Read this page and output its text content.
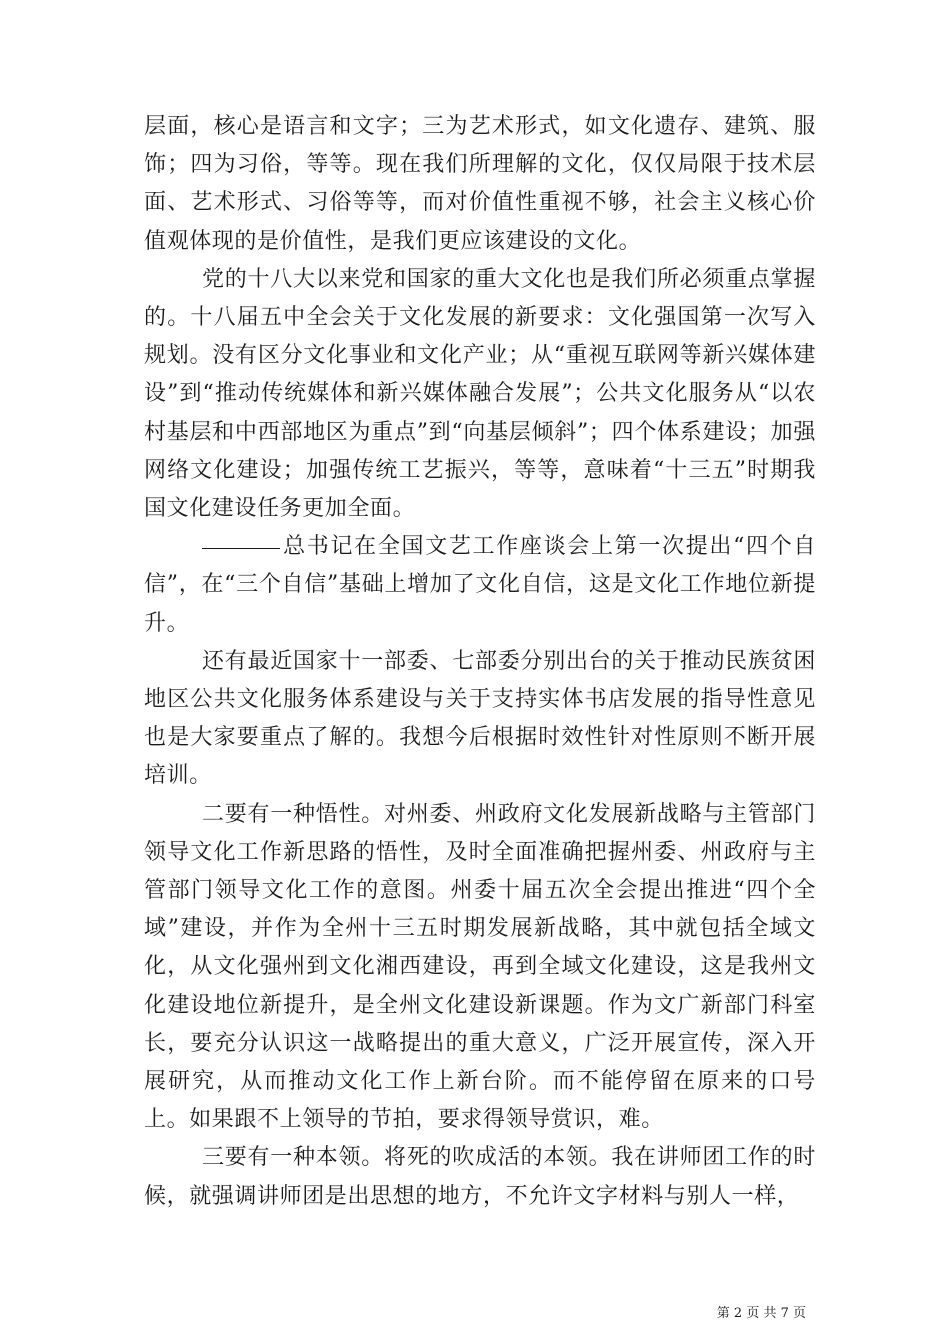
层面，核心是语言和文字；三为艺术形式，如文化遗存、建筑、服饰；四为习俗，等等。现在我们所理解的文化，仅仅局限于技术层面、艺术形式、习俗等等，而对价值性重视不够，社会主义核心价值观体现的是价值性，是我们更应该建设的文化。

党的十八大以来党和国家的重大文化也是我们所必须重点掌握的。十八届五中全会关于文化发展的新要求：文化强国第一次写入规划。没有区分文化事业和文化产业；从“重视互联网等新兴媒体建设”到“推动传统媒体和新兴媒体融合发展”；公共文化服务从“以农村基层和中西部地区为重点”到“向基层倾斜”；四个体系建设；加强网络文化建设；加强传统工艺振兴，等等，意味着“十三五”时期我国文化建设任务更加全面。

总书记在全国文艺工作座谈会上第一次提出“四个自信”，在“三个自信”基础上增加了文化自信，这是文化工作地位新提升。

还有最近国家十一部委、七部委分别出台的关于推动民族贫困地区公共文化服务体系建设与关于支持实体书店发展的指导性意见也是大家要重点了解的。我想今后根据时效性针对性原则不断开展培训。

二要有一种悟性。对州委、州政府文化发展新战略与主管部门领导文化工作新思路的悟性，及时全面准确把握州委、州政府与主管部门领导文化工作的意图。州委十届五次全会提出推进“四个全域”建设，并作为全州十三五时期发展新战略，其中就包括全域文化，从文化强州到文化湘西建设，再到全域文化建设，这是我州文化建设地位新提升，是全州文化建设新课题。作为文广新部门科室长，要充分认识这一战略提出的重大意义，广泛开展宣传，深入开展研究，从而推动文化工作上新台阶。而不能停留在原来的口号上。如果跟不上领导的节拍，要求得领导赏识，难。

三要有一种本领。将死的吹成活的本领。我在讲师团工作的时候，就强调讲师团是出思想的地方，不允许文字材料与别人一样，

第 2 页 共 7 页
